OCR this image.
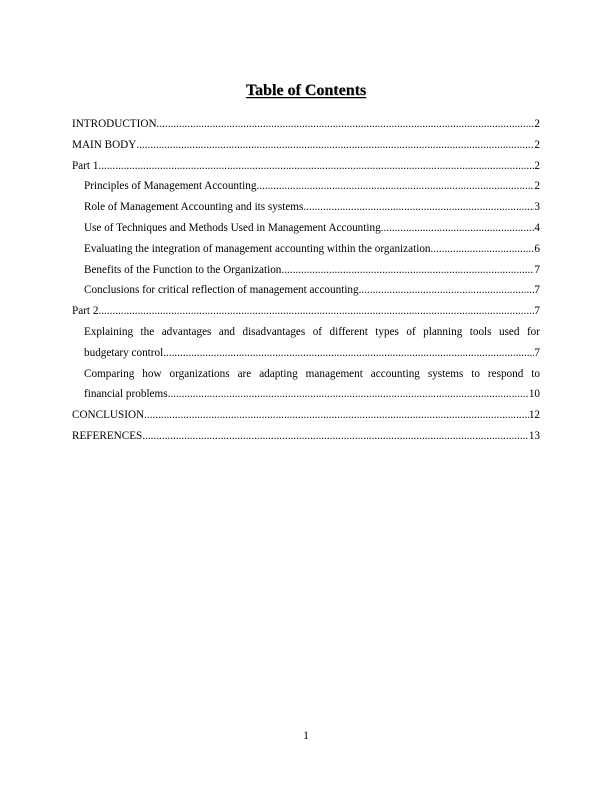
Table of Contents
INTRODUCTION .....	2
MAIN BODY .....	2
Part 1 .....	2
Principles of Management Accounting .....	2
Role of Management Accounting and its systems .....	3
Use of Techniques and Methods Used in Management Accounting .....	4
Evaluating the integration of management accounting within the organization .....	6
Benefits of the Function to the Organization .....	7
Conclusions for critical reflection of management accounting .....	7
Part 2 .....	7
Explaining the advantages and disadvantages of different types of planning tools used for
budgetary control .....	7
Comparing how organizations are adapting management accounting systems to respond to
financial problems .....	10
CONCLUSION .....	12
REFERENCES .....	13
1
